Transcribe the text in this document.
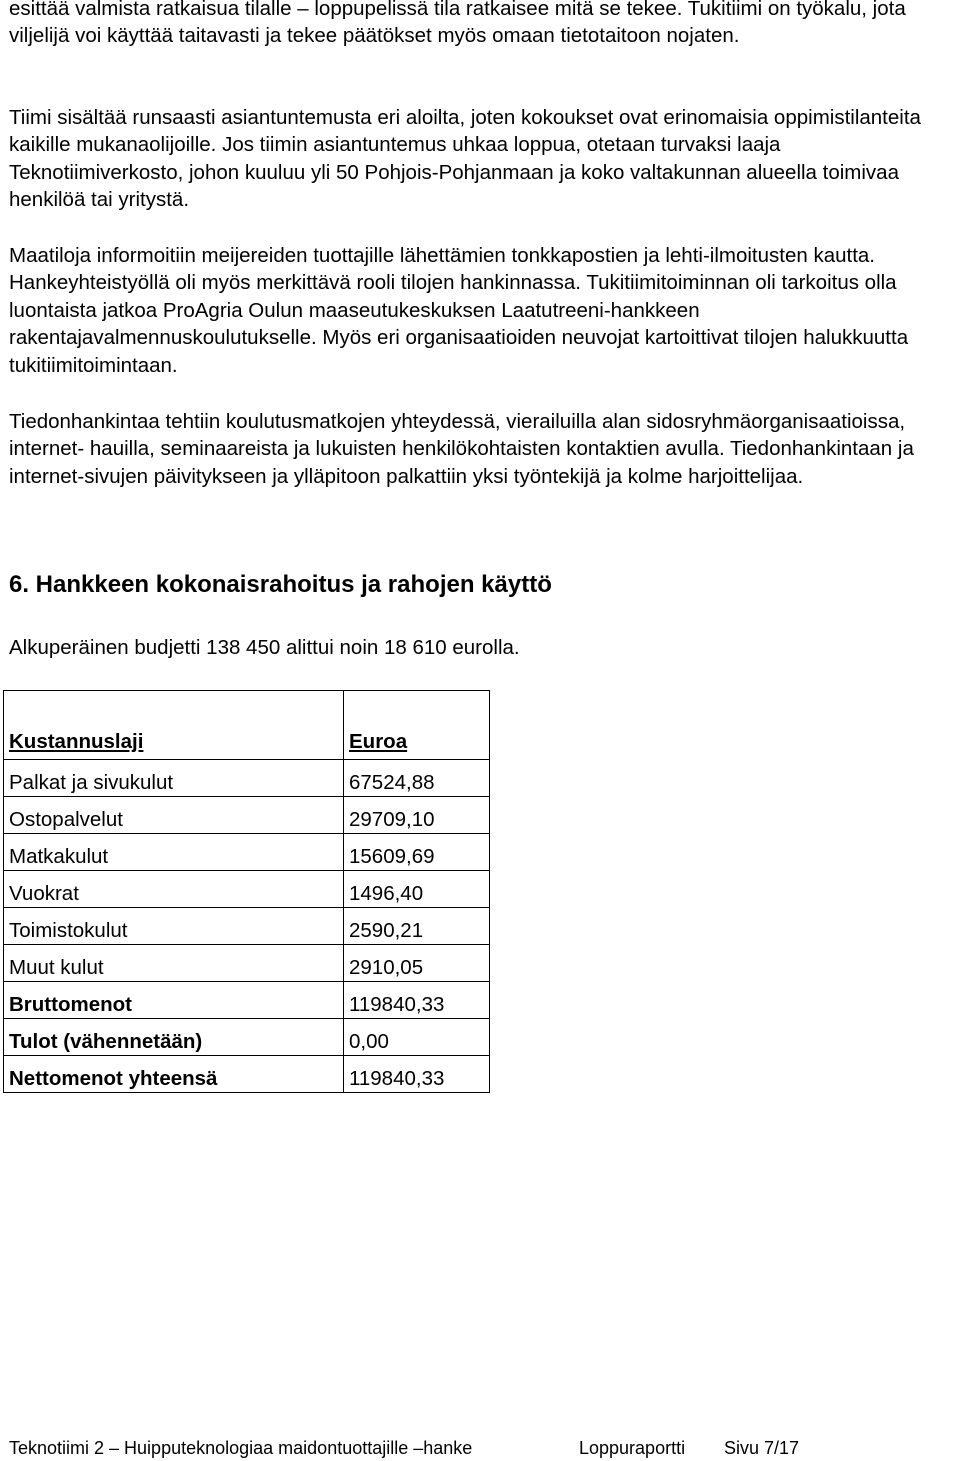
esittää valmista ratkaisua tilalle – loppupelissä tila ratkaisee mitä se tekee. Tukitiimi on työkalu, jota viljelijä voi käyttää taitavasti ja tekee päätökset myös omaan tietotaitoon nojaten.

Tiimi sisältää runsaasti asiantuntemusta eri aloilta, joten kokoukset ovat erinomaisia oppimistilanteita kaikille mukanaolijoille. Jos tiimin asiantuntemus uhkaa loppua, otetaan turvaksi laaja Teknotiimiverkosto, johon kuuluu yli 50 Pohjois-Pohjanmaan ja koko valtakunnan alueella toimivaa henkilöä tai yritystä.

Maatiloja informoitiin meijereiden tuottajille lähettämien tonkkapostien ja lehti-ilmoitusten kautta. Hankeyhteistyöllä oli myös merkittävä rooli tilojen hankinnassa. Tukitiimitoiminnan oli tarkoitus olla luontaista jatkoa ProAgria Oulun maaseutukeskuksen Laatutreeni-hankkeen rakentajavalmennuskoulutukselle. Myös eri organisaatioiden neuvojat kartoittivat tilojen halukkuutta tukitiimitoimintaan.

Tiedonhankintaa tehtiin koulutusmatkojen yhteydessä, vierailuilla alan sidosryhmäorganisaatioissa, internet- hauilla, seminaareista ja lukuisten henkilökohtaisten kontaktien avulla. Tiedonhankintaan ja internet-sivujen päivitykseen ja ylläpitoon palkattiin yksi työntekijä ja kolme harjoittelijaa.

6. Hankkeen kokonaisrahoitus ja rahojen käyttö

Alkuperäinen budjetti 138 450 alittui noin 18 610 eurolla.

Kustannuslaji	Euroa
Palkat ja sivukulut	67524,88
Ostopalvelut	29709,10
Matkakulut	15609,69
Vuokrat	1496,40
Toimistokulut	2590,21
Muut kulut	2910,05
Bruttomenot	119840,33
Tulot (vähennetään)	0,00
Nettomenot yhteensä	119840,33
Teknotiimi 2 – Huipputeknologiaa maidontuottajille –hanke	Loppuraportti Sivu 7/17
